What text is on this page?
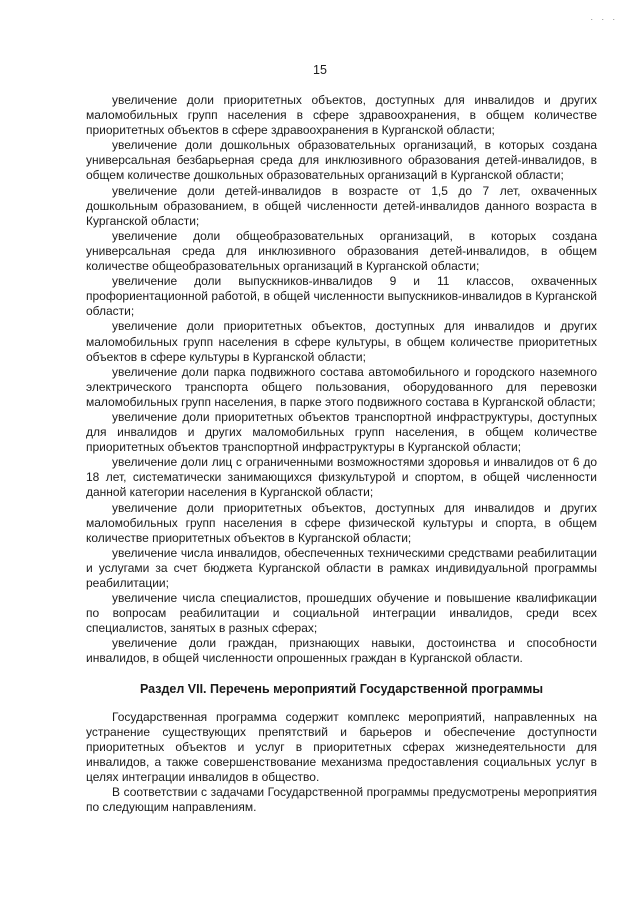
. . .
15

увеличение доли приоритетных объектов, доступных для инвалидов и других маломобильных групп населения в сфере здравоохранения, в общем количестве приоритетных объектов в сфере здравоохранения в Курганской области;

увеличение доли дошкольных образовательных организаций, в которых создана универсальная безбарьерная среда для инклюзивного образования детей-инвалидов, в общем количестве дошкольных образовательных организаций в Курганской области;

увеличение доли детей-инвалидов в возрасте от 1,5 до 7 лет, охваченных дошкольным образованием, в общей численности детей-инвалидов данного возраста в Курганской области;

увеличение доли общеобразовательных организаций, в которых создана универсальная среда для инклюзивного образования детей-инвалидов, в общем количестве общеобразовательных организаций в Курганской области;

увеличение доли выпускников-инвалидов 9 и 11 классов, охваченных профориентационной работой, в общей численности выпускников-инвалидов в Курганской области;

увеличение доли приоритетных объектов, доступных для инвалидов и других маломобильных групп населения в сфере культуры, в общем количестве приоритетных объектов в сфере культуры в Курганской области;

увеличение доли парка подвижного состава автомобильного и городского наземного электрического транспорта общего пользования, оборудованного для перевозки маломобильных групп населения, в парке этого подвижного состава в Курганской области;

увеличение доли приоритетных объектов транспортной инфраструктуры, доступных для инвалидов и других маломобильных групп населения, в общем количестве приоритетных объектов транспортной инфраструктуры в Курганской области;

увеличение доли лиц с ограниченными возможностями здоровья и инвалидов от 6 до 18 лет, систематически занимающихся физкультурой и спортом, в общей численности данной категории населения в Курганской области;

увеличение доли приоритетных объектов, доступных для инвалидов и других маломобильных групп населения в сфере физической культуры и спорта, в общем количестве приоритетных объектов в Курганской области;

увеличение числа инвалидов, обеспеченных техническими средствами реабилитации и услугами за счет бюджета Курганской области в рамках индивидуальной программы реабилитации;

увеличение числа специалистов, прошедших обучение и повышение квалификации по вопросам реабилитации и социальной интеграции инвалидов, среди всех специалистов, занятых в разных сферах;

увеличение доли граждан, признающих навыки, достоинства и способности инвалидов, в общей численности опрошенных граждан в Курганской области.

Раздел VII. Перечень мероприятий Государственной программы

Государственная программа содержит комплекс мероприятий, направленных на устранение существующих препятствий и барьеров и обеспечение доступности приоритетных объектов и услуг в приоритетных сферах жизнедеятельности для инвалидов, а также совершенствование механизма предоставления социальных услуг в целях интеграции инвалидов в общество.

В соответствии с задачами Государственной программы предусмотрены мероприятия по следующим направлениям.
